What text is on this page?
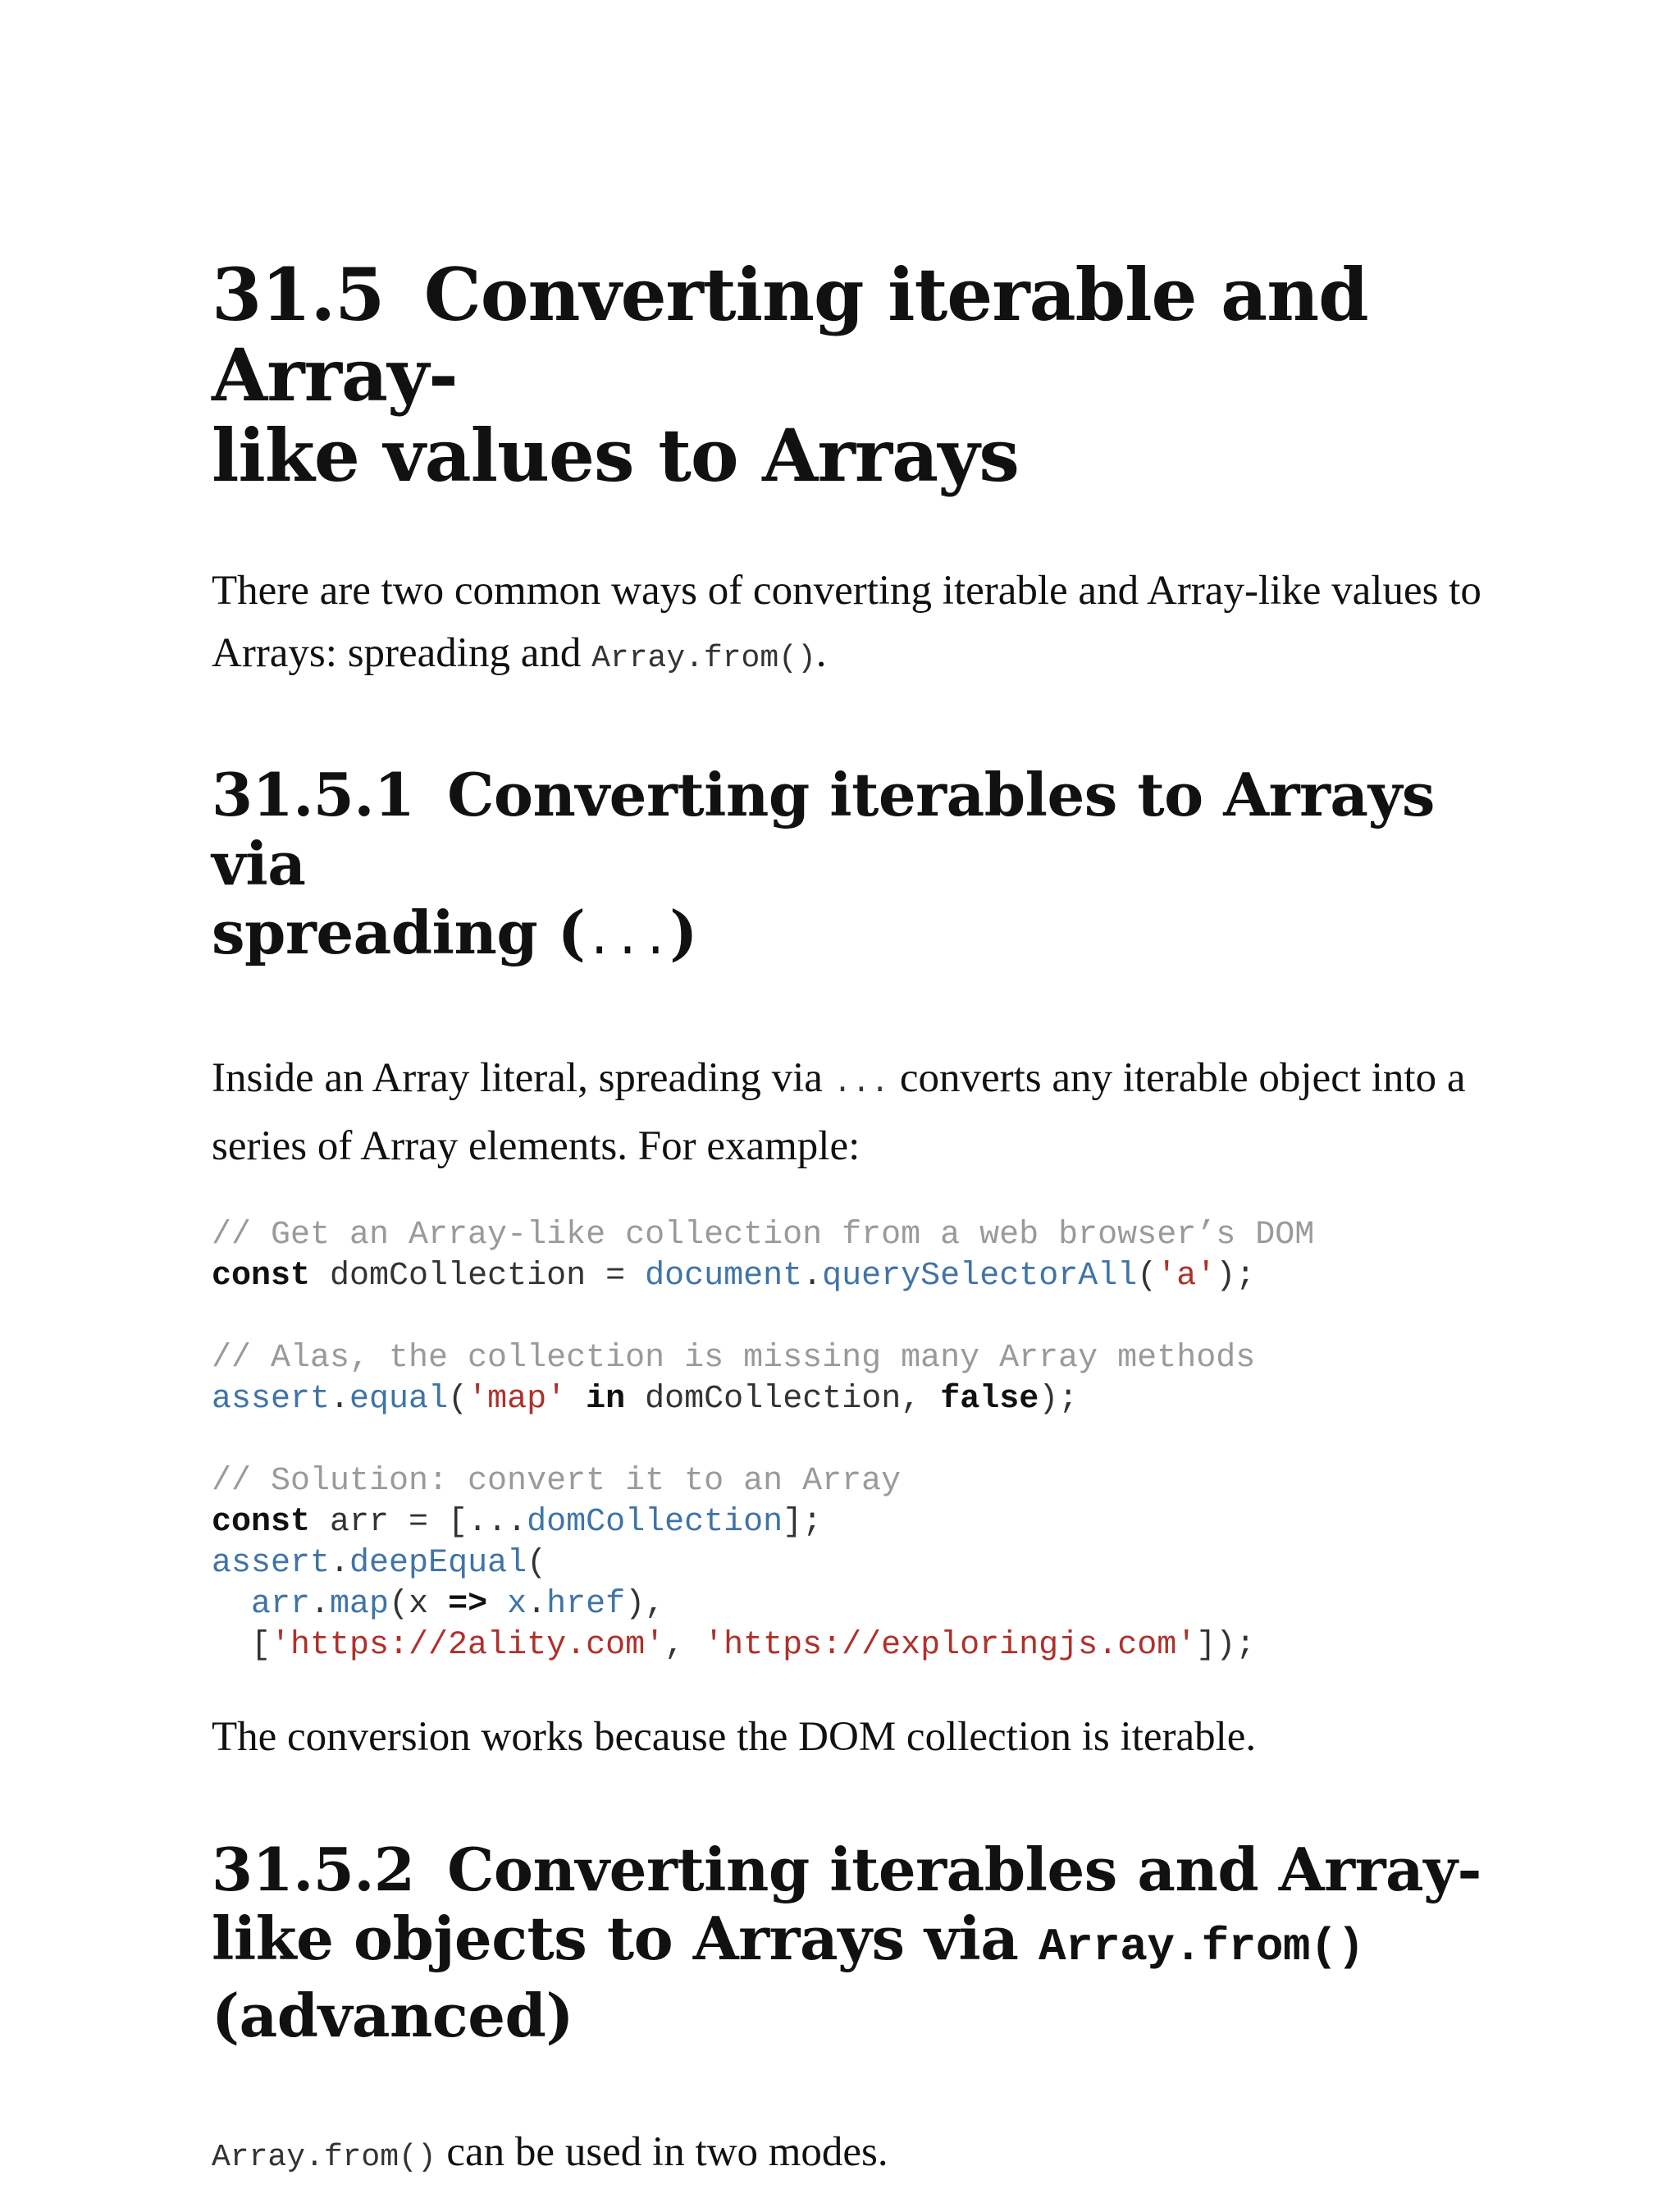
31.5 Converting iterable and Array-
like values to Arrays

There are two common ways of converting iterable and Array-like values to Arrays: spreading and Array.from().

31.5.1 Converting iterables to Arrays via
spreading (...)

Inside an Array literal, spreading via ... converts any iterable object into a series of Array elements. For example:

// Get an Array-like collection from a web browser’s DOM
const domCollection = document.querySelectorAll('a');
// Alas, the collection is missing many Array methods
assert.equal('map' in domCollection, false);
// Solution: convert it to an Array
const arr = [...domCollection];
assert.deepEqual(
arr.map(x => x.href),
['https://2ality.com', 'https://exploringjs.com']);

The conversion works because the DOM collection is iterable.

31.5.2 Converting iterables and Array-
like objects to Arrays via Array.from()
(advanced)

Array.from() can be used in two modes.
